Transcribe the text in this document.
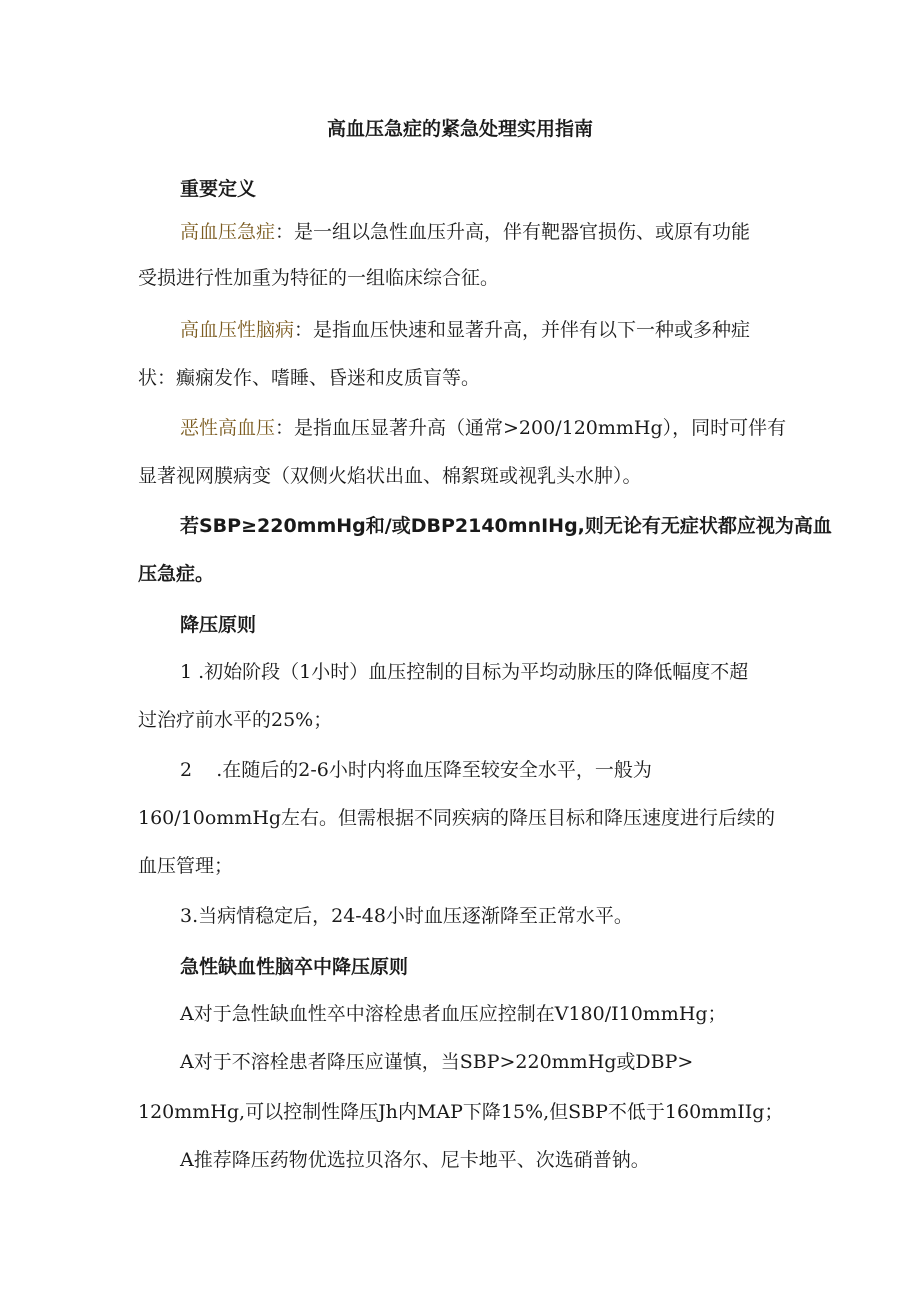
高血压急症的紧急处理实用指南
重要定义
高血压急症：是一组以急性血压升高，伴有靶器官损伤、或原有功能
受损进行性加重为特征的一组临床综合征。
高血压性脑病：是指血压快速和显著升高，并伴有以下一种或多种症
状：癫痫发作、嗜睡、昏迷和皮质盲等。
恶性高血压：是指血压显著升高（通常>200/120mmHg），同时可伴有
显著视网膜病变（双侧火焰状出血、棉絮斑或视乳头水肿）。
若SBP≥220mmHg和/或DBP2140mnIHg,则无论有无症状都应视为高血
压急症。
降压原则
1 .初始阶段（1小时）血压控制的目标为平均动脉压的降低幅度不超
过治疗前水平的25%；
2    .在随后的2-6小时内将血压降至较安全水平，一般为
160/10ommHg左右。但需根据不同疾病的降压目标和降压速度进行后续的
血压管理；
3.当病情稳定后，24-48小时血压逐渐降至正常水平。
急性缺血性脑卒中降压原则
A对于急性缺血性卒中溶栓患者血压应控制在V180/I10mmHg；
A对于不溶栓患者降压应谨慎，当SBP>220mmHg或DBP>
120mmHg,可以控制性降压Jh内MAP下降15%,但SBP不低于160mmIIg；
A推荐降压药物优选拉贝洛尔、尼卡地平、次选硝普钠。
